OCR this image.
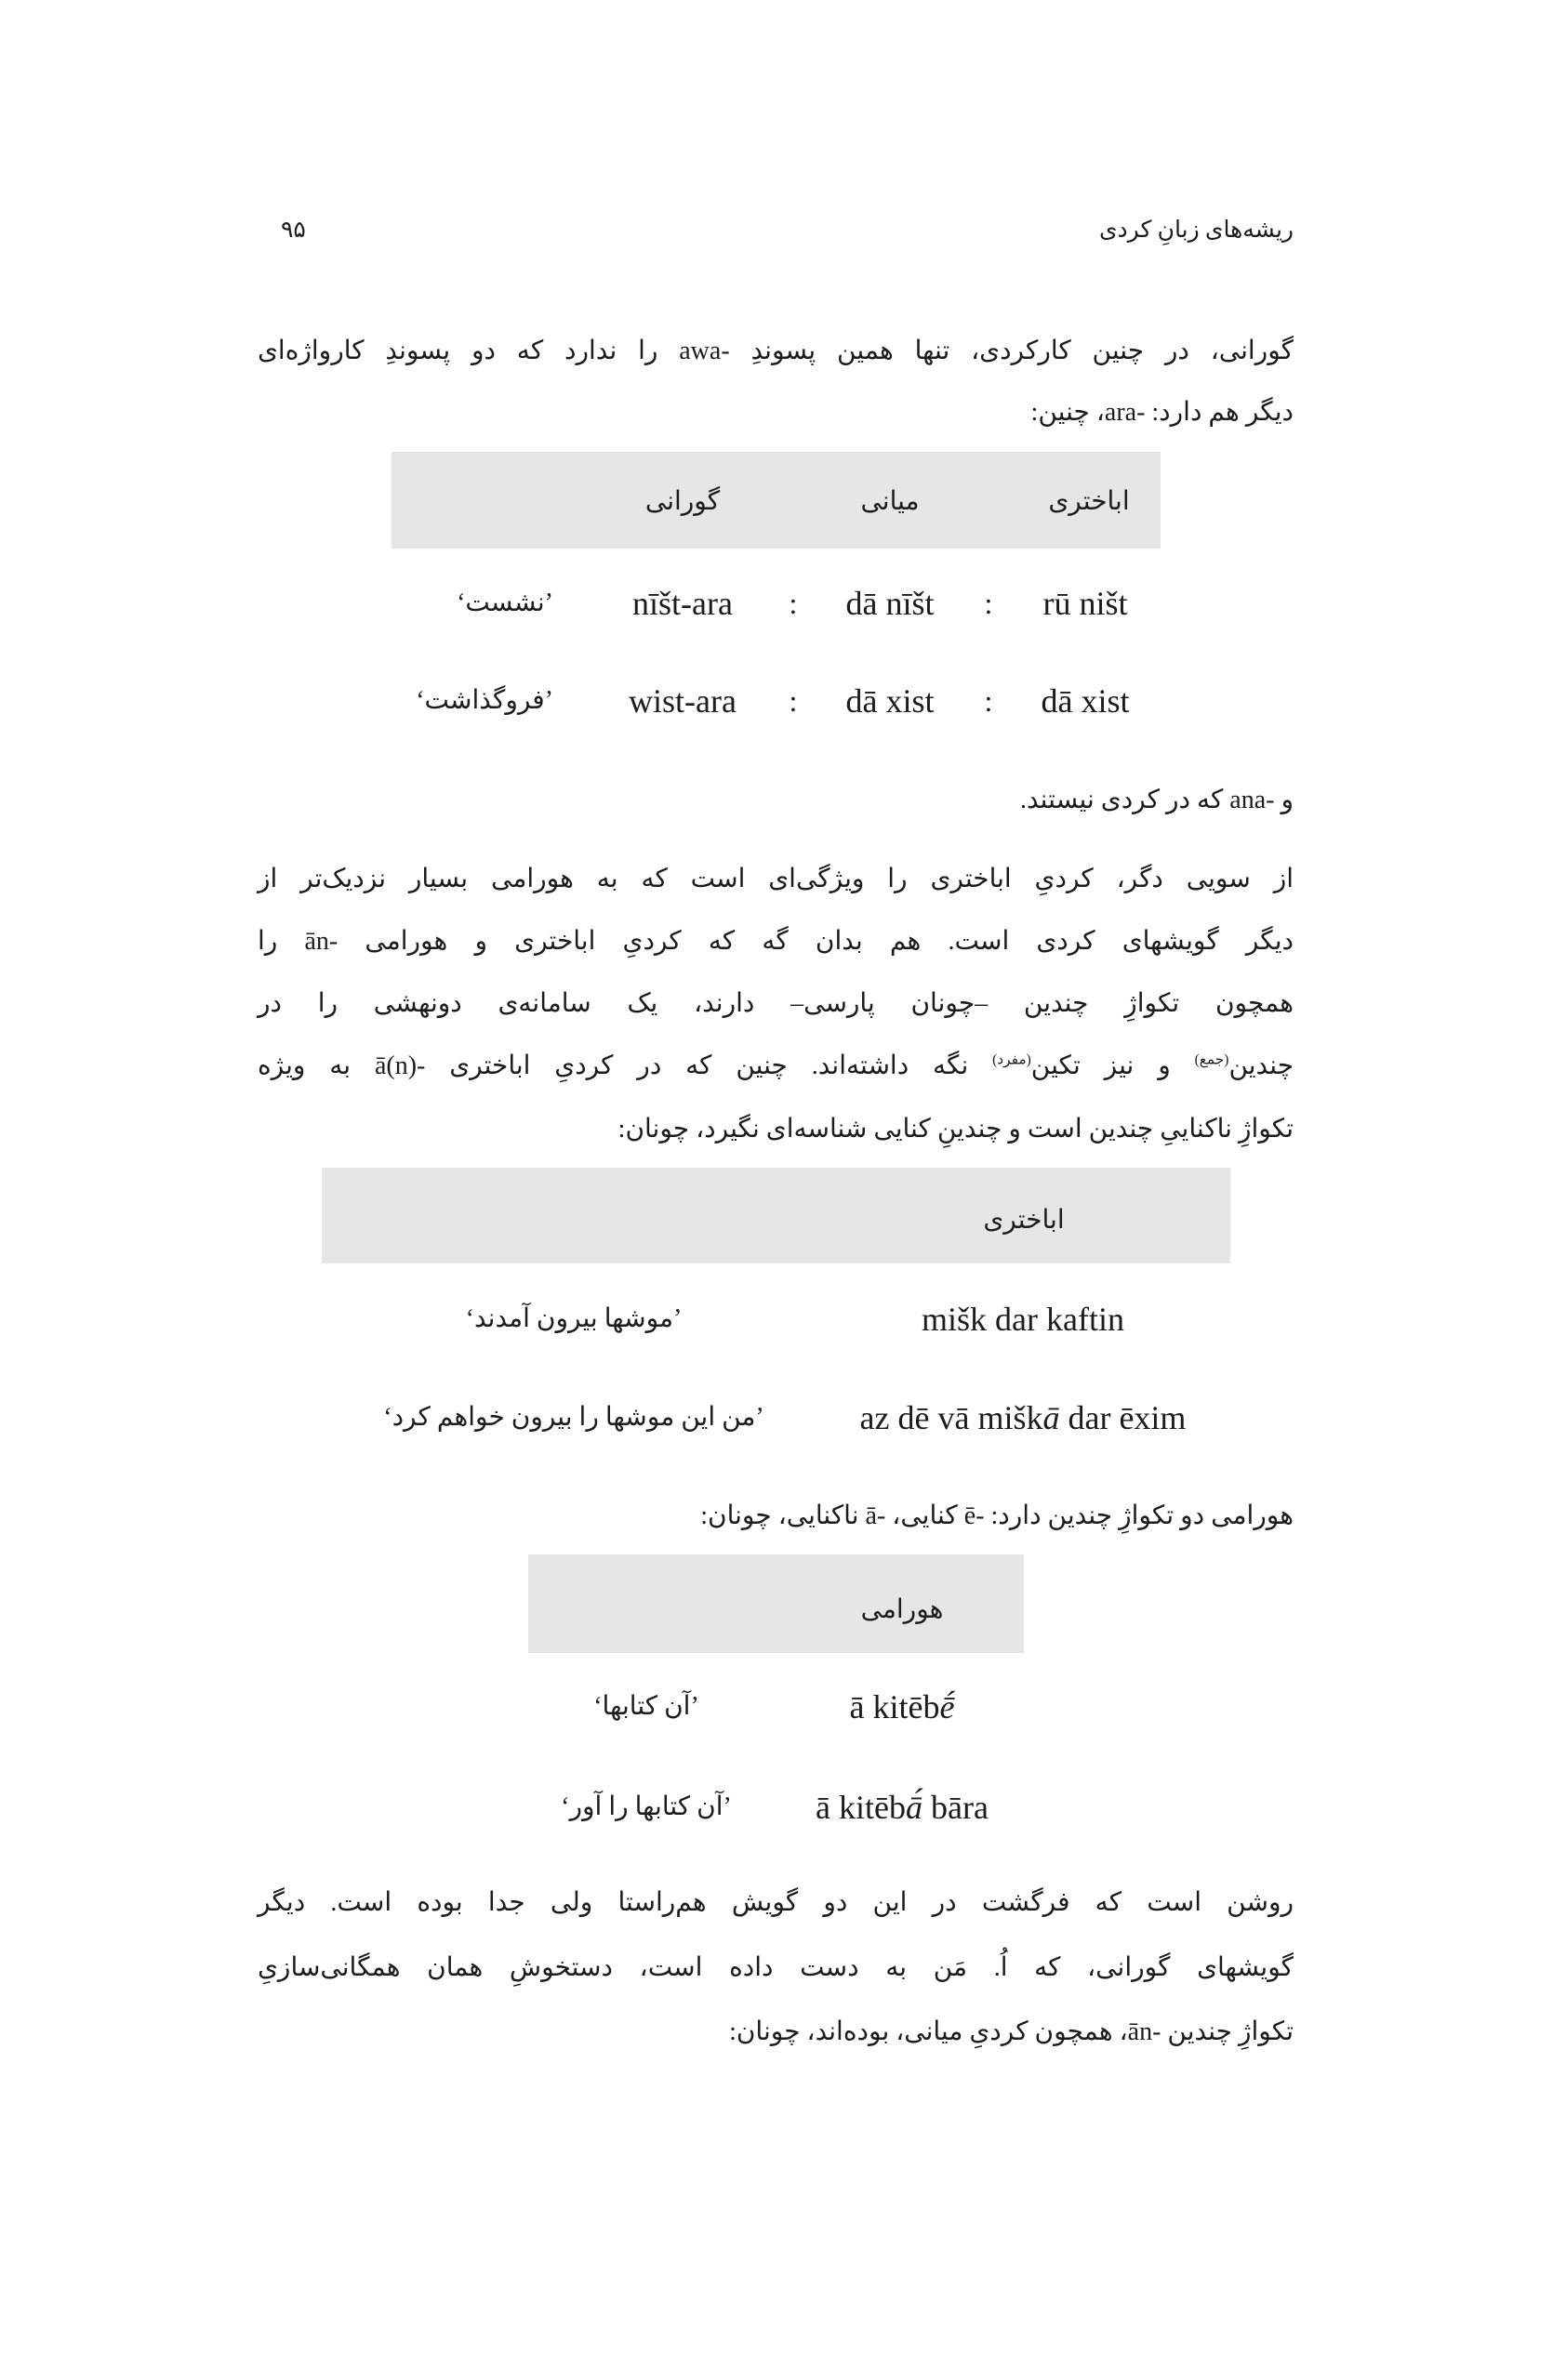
ریشه‌های زبانِ کردی
۹۵
گورانی، در چنین کارکردی، تنها همین پسوندِ -awa را ندارد که دو پسوندِ کارواژه‌ای
دیگر هم دارد: -ara، چنین:
اباختری
میانی
گورانی
rū ništ
:
dā nīšt
:
nīšt-ara
’نشست‘
dā xist
:
dā xist
:
wist-ara
’فروگذاشت‘
و -ana که در کردی نیستند.
از سویی دگر، کردیِ اباختری را ویژگی‌ای است که به هورامی بسیار نزدیک‌تر از
دیگر گویشهای کردی است. هم بدان گه که کردیِ اباختری و هورامی -ān را
همچون تکواژِ چندین –چونان پارسی– دارند، یک سامانه‌ی دونهشی را در
چندین$^{(جمع)}$ و نیز تکین$^{(مفرد)}$ نگه داشته‌اند. چنین که در کردیِ اباختری -ā(n) به ویژه
تکواژِ ناکناییِ چندین است و چندینِ کنایی شناسه‌ای نگیرد، چونان:
اباختری
mišk dar kaftin
’موشها بیرون آمدند‘
az dē vā miškā dar ēxim
’من این موشها را بیرون خواهم کرد‘
هورامی دو تکواژِ چندین دارد: -ē کنایی، -ā ناکنایی، چونان:
هورامی
ā kitēbḗ
’آن کتابها‘
ā kitēbā́ bāra
’آن کتابها را آور‘
روشن است که فرگشت در این دو گویش هم‌راستا ولی جدا بوده است. دیگر
گویشهای گورانی، که اُ. مَن به دست داده است، دستخوشِ همان همگانی‌سازیِ
تکواژِ چندین -ān، همچون کردیِ میانی، بوده‌اند، چونان:
